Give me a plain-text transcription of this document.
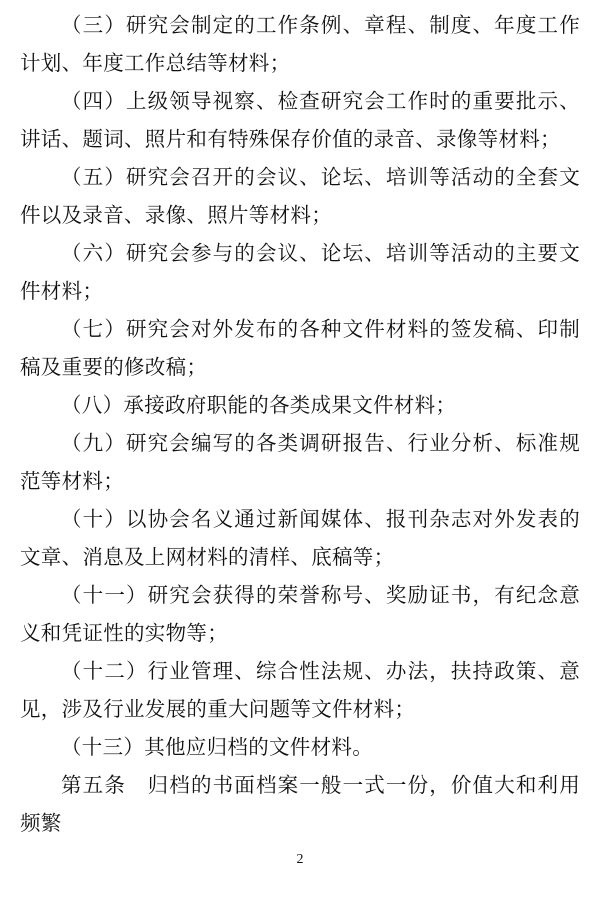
（三）研究会制定的工作条例、章程、制度、年度工作计划、年度工作总结等材料；

（四）上级领导视察、检查研究会工作时的重要批示、讲话、题词、照片和有特殊保存价值的录音、录像等材料；

（五）研究会召开的会议、论坛、培训等活动的全套文件以及录音、录像、照片等材料；

（六）研究会参与的会议、论坛、培训等活动的主要文件材料；

（七）研究会对外发布的各种文件材料的签发稿、印制稿及重要的修改稿；

（八）承接政府职能的各类成果文件材料；

（九）研究会编写的各类调研报告、行业分析、标准规范等材料；

（十）以协会名义通过新闻媒体、报刊杂志对外发表的文章、消息及上网材料的清样、底稿等；

（十一）研究会获得的荣誉称号、奖励证书，有纪念意义和凭证性的实物等；

（十二）行业管理、综合性法规、办法，扶持政策、意见，涉及行业发展的重大问题等文件材料；

（十三）其他应归档的文件材料。

第五条　归档的书面档案一般一式一份，价值大和利用频繁

2
